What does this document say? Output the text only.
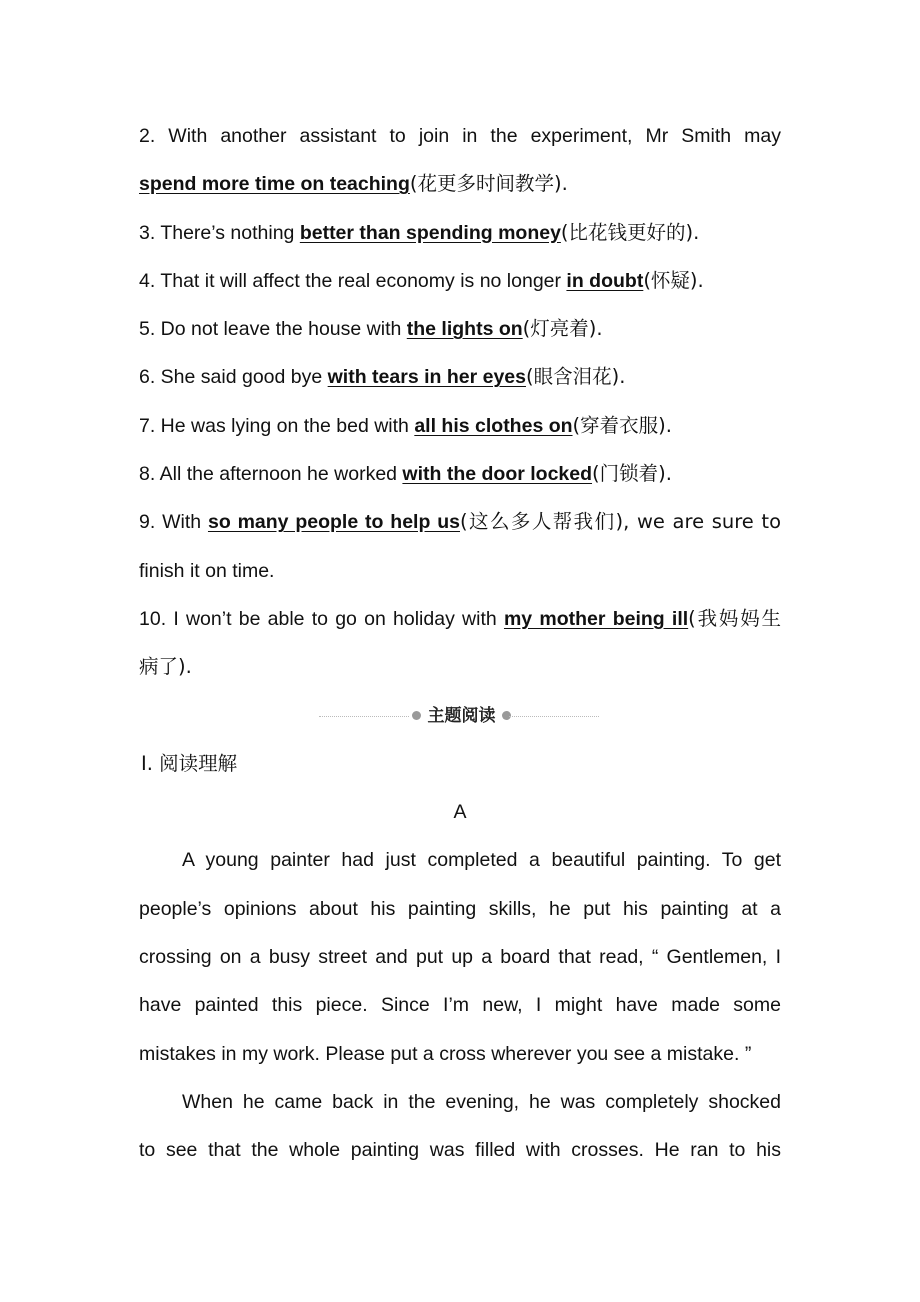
2. With another assistant to join in the experiment, Mr Smith may
spend more time on teaching(花更多时间教学).
3. There’s nothing better than spending money(比花钱更好的).
4. That it will affect the real economy is no longer in doubt(怀疑).
5. Do not leave the house with the lights on(灯亮着).
6. She said good bye with tears in her eyes(眼含泪花).
7. He was lying on the bed with all his clothes on(穿着衣服).
8. All the afternoon he worked with the door locked(门锁着).
9. With so many people to help us(这么多人帮我们), we are sure to
finish it on time.
10. I won’t be able to go on holiday with my mother being ill(我妈妈生
病了).
主题阅读
Ⅰ. 阅读理解
A
A young painter had just completed a beautiful painting. To get
people’s opinions about his painting skills, he put his painting at a
crossing on a busy street and put up a board that read, “ Gentlemen, I
have painted this piece. Since I’m new, I might have made some
mistakes in my work. Please put a cross wherever you see a mistake. ”
When he came back in the evening, he was completely shocked
to see that the whole painting was filled with crosses. He ran to his
